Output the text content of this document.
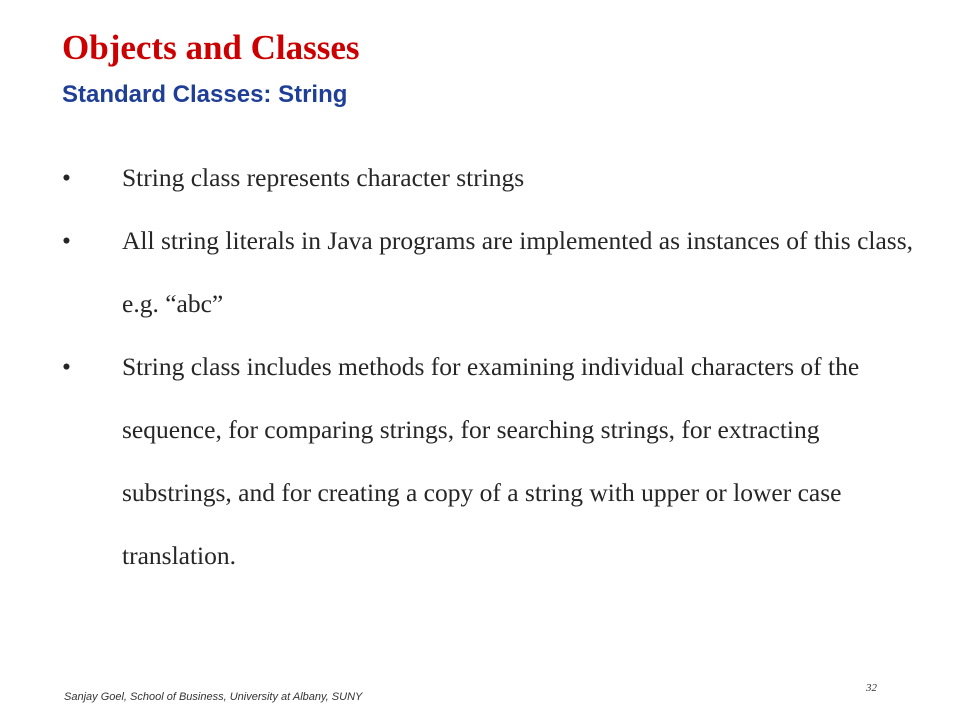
Objects and Classes
Standard Classes: String
• String class represents character strings
• All string literals in Java programs are implemented as instances of this class, e.g. “abc”
• String class includes methods for examining individual characters of the sequence, for comparing strings, for searching strings, for extracting substrings, and for creating a copy of a string with upper or lower case translation.
Sanjay Goel, School of Business, University at Albany, SUNY
32
